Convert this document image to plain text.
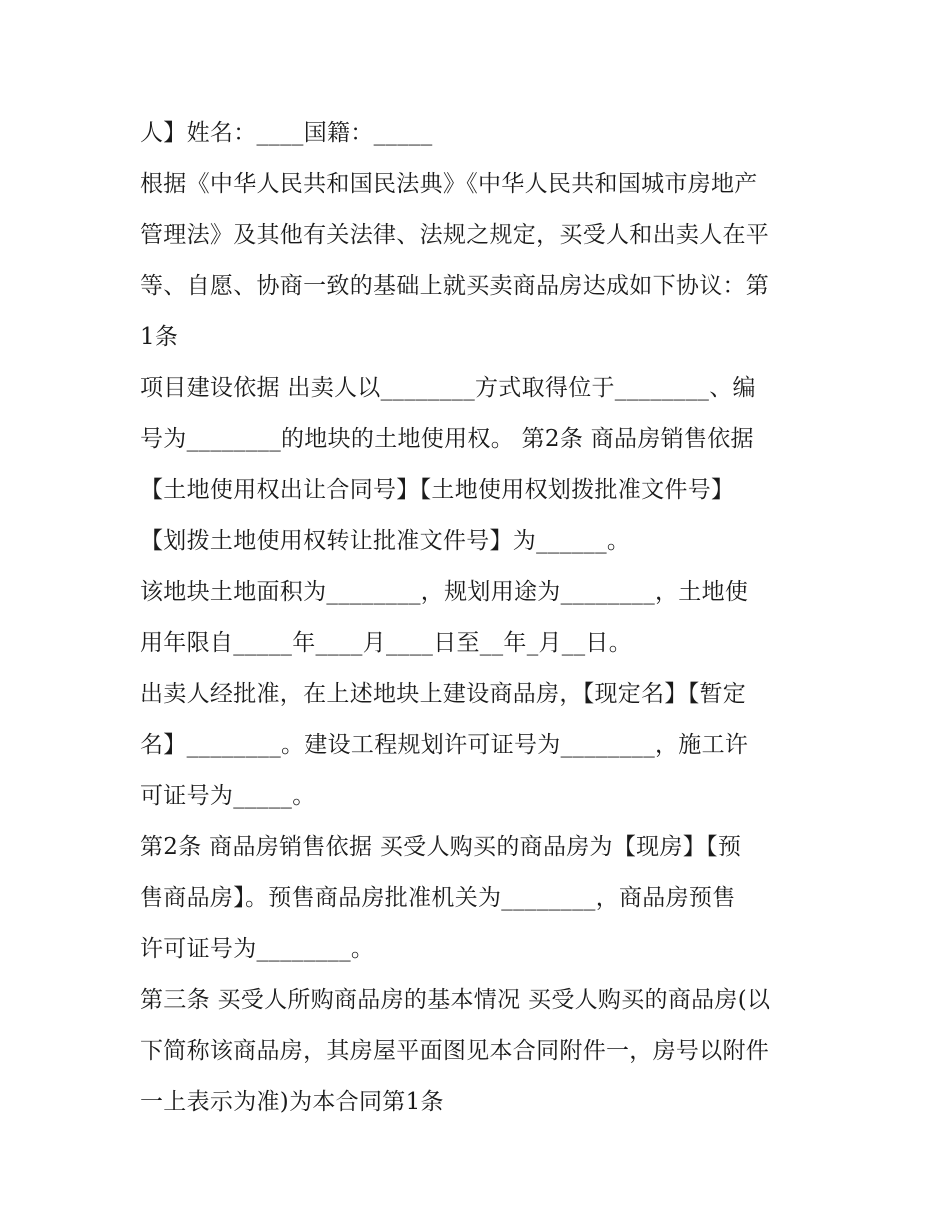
人】姓名：____国籍：_____
根据《中华人民共和国民法典》《中华人民共和国城市房地产
管理法》及其他有关法律、法规之规定，买受人和出卖人在平
等、自愿、协商一致的基础上就买卖商品房达成如下协议：第
1条
项目建设依据 出卖人以________方式取得位于________、编
号为________的地块的土地使用权。 第2条 商品房销售依据
【土地使用权出让合同号】【土地使用权划拨批准文件号】
【划拨土地使用权转让批准文件号】为______。
该地块土地面积为________，规划用途为________，土地使
用年限自_____年____月____日至__年_月__日。
出卖人经批准，在上述地块上建设商品房，【现定名】【暂定
名】________。建设工程规划许可证号为________，施工许
可证号为_____。
第2条 商品房销售依据 买受人购买的商品房为【现房】【预
售商品房】。预售商品房批准机关为________，商品房预售
许可证号为________。
第三条 买受人所购商品房的基本情况 买受人购买的商品房(以
下简称该商品房，其房屋平面图见本合同附件一，房号以附件
一上表示为准)为本合同第1条
